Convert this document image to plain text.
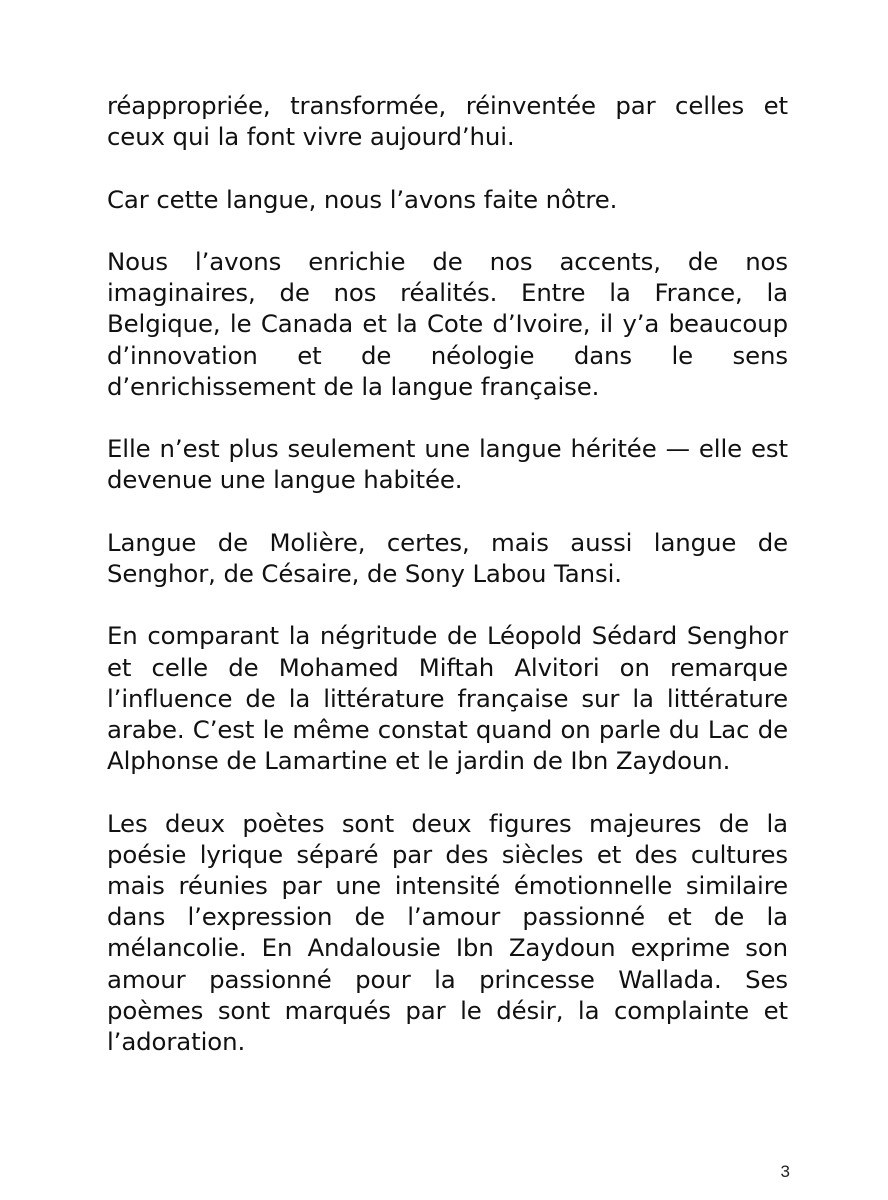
réappropriée, transformée, réinventée par celles et ceux qui la font vivre aujourd’hui.

Car cette langue, nous l’avons faite nôtre.

Nous l’avons enrichie de nos accents, de nos imaginaires, de nos réalités. Entre la France, la Belgique, le Canada et la Cote d’Ivoire, il y’a beaucoup d’innovation et de néologie dans le sens d’enrichissement de la langue française.

Elle n’est plus seulement une langue héritée — elle est devenue une langue habitée.

Langue de Molière, certes, mais aussi langue de Senghor, de Césaire, de Sony Labou Tansi.

En comparant la négritude de Léopold Sédard Senghor et celle de Mohamed Miftah Alvitori on remarque l’influence de la littérature française sur la littérature arabe. C’est le même constat quand on parle du Lac de Alphonse de Lamartine et le jardin de Ibn Zaydoun.

Les deux poètes sont deux figures majeures de la poésie lyrique séparé par des siècles et des cultures mais réunies par une intensité émotionnelle similaire dans l’expression de l’amour passionné et de la mélancolie. En Andalousie Ibn Zaydoun exprime son amour passionné pour la princesse Wallada. Ses poèmes sont marqués par le désir, la complainte et l’adoration.

3
